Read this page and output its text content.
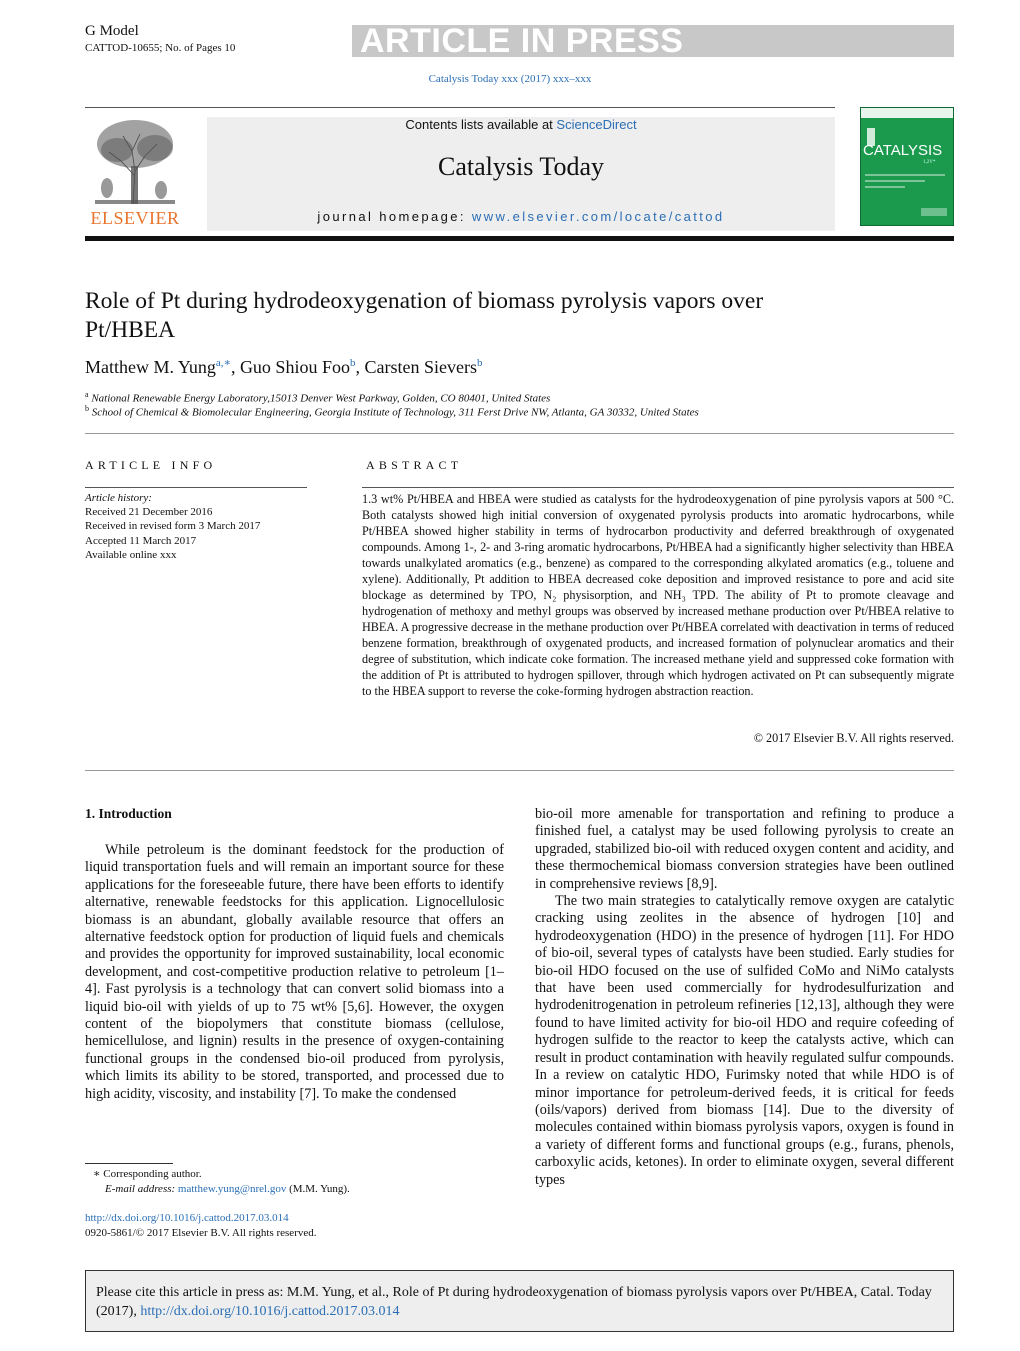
G Model
CATTOD-10655; No. of Pages 10	ARTICLE IN PRESS
Catalysis Today xxx (2017) xxx–xxx
Contents lists available at ScienceDirect
Catalysis Today
journal homepage: www.elsevier.com/locate/cattod
ELSEVIER
CATALYSIS
1,2V*
Role of Pt during hydrodeoxygenation of biomass pyrolysis vapors over Pt/HBEA
Matthew M. Yung$^{a,∗}$, Guo Shiou Foo$^b$, Carsten Sievers$^b$
$^a$ National Renewable Energy Laboratory,15013 Denver West Parkway, Golden, CO 80401, United States
$^b$ School of Chemical & Biomolecular Engineering, Georgia Institute of Technology, 311 Ferst Drive NW, Atlanta, GA 30332, United States
ARTICLE INFO	ABSTRACT
Article history:
Received 21 December 2016
Received in revised form 3 March 2017
Accepted 11 March 2017
Available online xxx
1.3 wt% Pt/HBEA and HBEA were studied as catalysts for the hydrodeoxygenation of pine pyrolysis vapors at 500 °C. Both catalysts showed high initial conversion of oxygenated pyrolysis products into aromatic hydrocarbons, while Pt/HBEA showed higher stability in terms of hydrocarbon productivity and deferred breakthrough of oxygenated compounds. Among 1-, 2- and 3-ring aromatic hydrocarbons, Pt/HBEA had a significantly higher selectivity than HBEA towards unalkylated aromatics (e.g., benzene) as compared to the corresponding alkylated aromatics (e.g., toluene and xylene). Additionally, Pt addition to HBEA decreased coke deposition and improved resistance to pore and acid site blockage as determined by TPO, N₂ physisorption, and NH₃ TPD. The ability of Pt to promote cleavage and hydrogenation of methoxy and methyl groups was observed by increased methane production over Pt/HBEA relative to HBEA. A progressive decrease in the methane production over Pt/HBEA correlated with deactivation in terms of reduced benzene formation, breakthrough of oxygenated products, and increased formation of polynuclear aromatics and their degree of substitution, which indicate coke formation. The increased methane yield and suppressed coke formation with the addition of Pt is attributed to hydrogen spillover, through which hydrogen activated on Pt can subsequently migrate to the HBEA support to reverse the coke-forming hydrogen abstraction reaction.
© 2017 Elsevier B.V. All rights reserved.
1. Introduction

While petroleum is the dominant feedstock for the production of liquid transportation fuels and will remain an important source for these applications for the foreseeable future, there have been efforts to identify alternative, renewable feedstocks for this application. Lignocellulosic biomass is an abundant, globally available resource that offers an alternative feedstock option for production of liquid fuels and chemicals and provides the opportunity for improved sustainability, local economic development, and cost-competitive production relative to petroleum [1–4]. Fast pyrolysis is a technology that can convert solid biomass into a liquid bio-oil with yields of up to 75 wt% [5,6]. However, the oxygen content of the biopolymers that constitute biomass (cellulose, hemicellulose, and lignin) results in the presence of oxygen-containing functional groups in the condensed bio-oil produced from pyrolysis, which limits its ability to be stored, transported, and processed due to high acidity, viscosity, and instability [7]. To make the condensed

bio-oil more amenable for transportation and refining to produce a finished fuel, a catalyst may be used following pyrolysis to create an upgraded, stabilized bio-oil with reduced oxygen content and acidity, and these thermochemical biomass conversion strategies have been outlined in comprehensive reviews [8,9].

The two main strategies to catalytically remove oxygen are catalytic cracking using zeolites in the absence of hydrogen [10] and hydrodeoxygenation (HDO) in the presence of hydrogen [11]. For HDO of bio-oil, several types of catalysts have been studied. Early studies for bio-oil HDO focused on the use of sulfided CoMo and NiMo catalysts that have been used commercially for hydrodesulfurization and hydrodenitrogenation in petroleum refineries [12,13], although they were found to have limited activity for bio-oil HDO and require cofeeding of hydrogen sulfide to the reactor to keep the catalysts active, which can result in product contamination with heavily regulated sulfur compounds. In a review on catalytic HDO, Furimsky noted that while HDO is of minor importance for petroleum-derived feeds, it is critical for feeds (oils/vapors) derived from biomass [14]. Due to the diversity of molecules contained within biomass pyrolysis vapors, oxygen is found in a variety of different forms and functional groups (e.g., furans, phenols, carboxylic acids, ketones). In order to eliminate oxygen, several different types

∗ Corresponding author.
E-mail address: matthew.yung@nrel.gov (M.M. Yung).
http://dx.doi.org/10.1016/j.cattod.2017.03.014
0920-5861/© 2017 Elsevier B.V. All rights reserved.
Please cite this article in press as: M.M. Yung, et al., Role of Pt during hydrodeoxygenation of biomass pyrolysis vapors over Pt/HBEA, Catal. Today (2017), http://dx.doi.org/10.1016/j.cattod.2017.03.014
